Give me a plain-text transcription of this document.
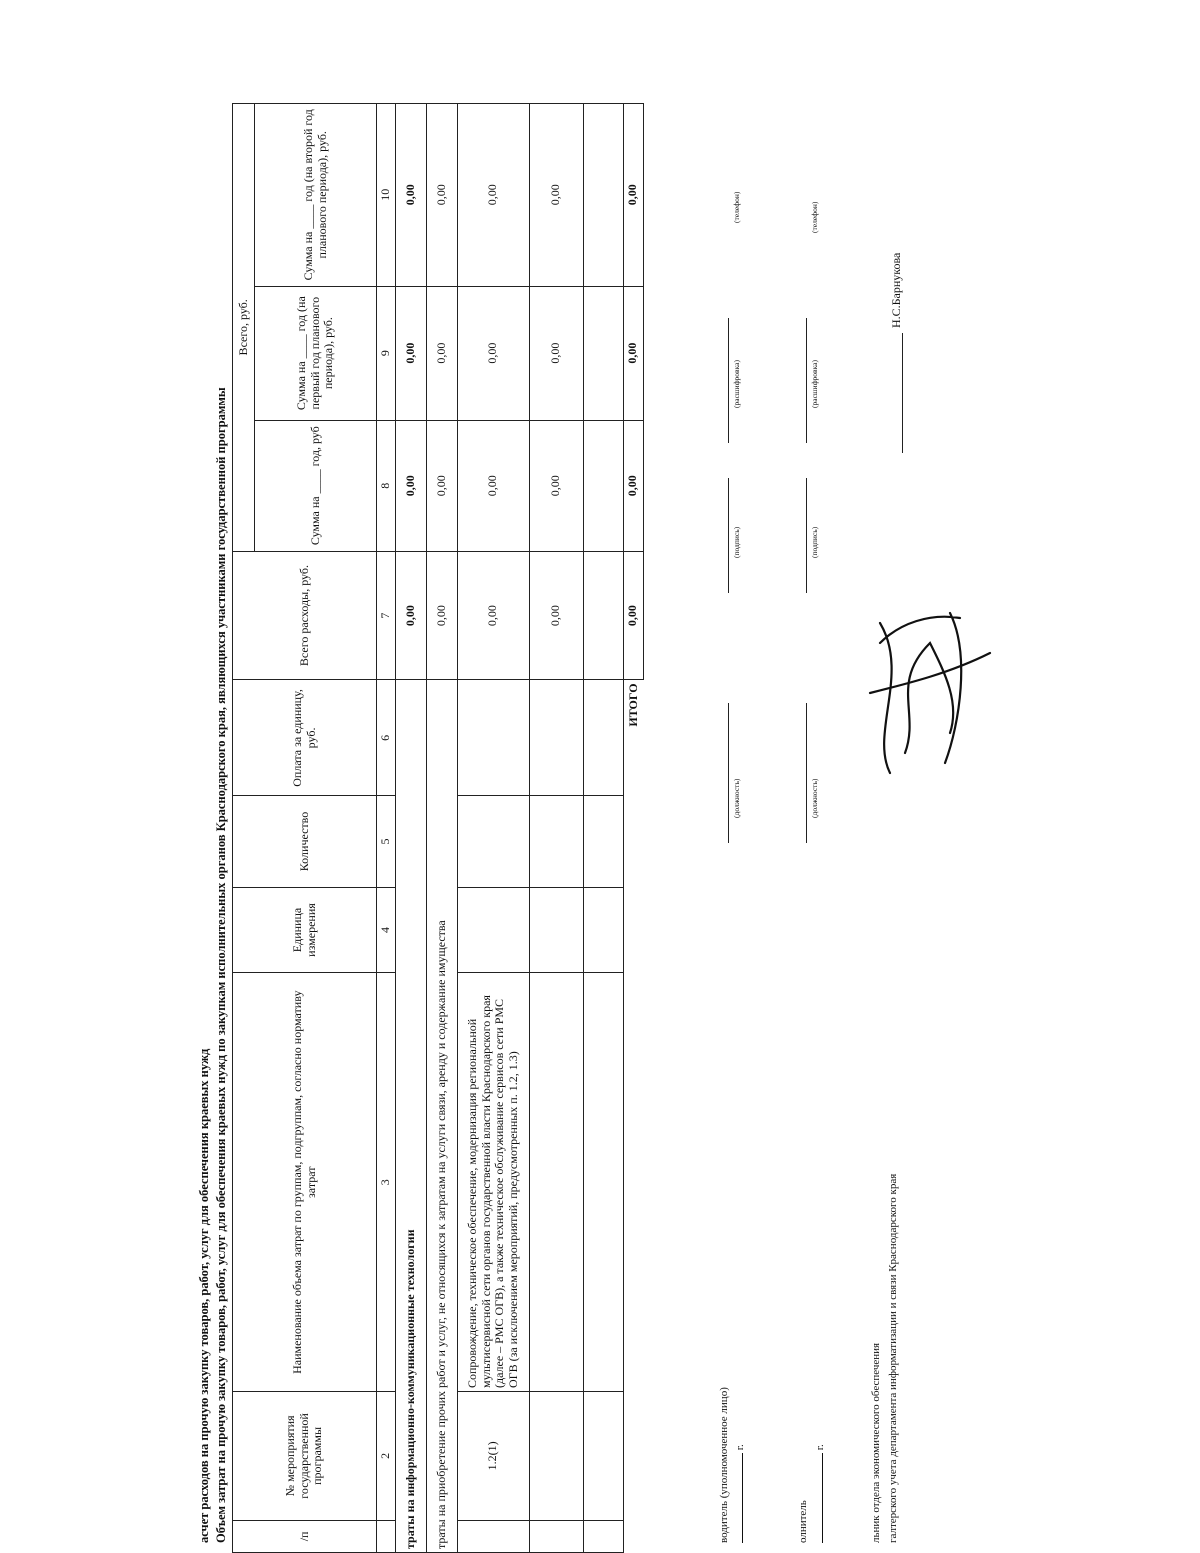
асчет расходов на прочую закупку товаров, работ, услуг для обеспечения краевых нужд Объем затрат на прочую закупку товаров, работ, услуг для обеспечения краевых нужд по закупкам исполнительных органов Краснодарского края, являющихся участниками государственной программы	/п	№ мероприятия государственной программы	Наименование объема затрат по группам, подгруппам, согласно нормативу затрат	Единица измерения	Количество	Оплата за единицу, руб.	Всего расходы, руб.	Всего, руб.		
							Сумма на ____ год, руб	Сумма на ____ год (на первый год планового периода), руб.	Сумма на ____ год (на второй год планового периода), руб.
	2	3	4	5	6	7	8	9	10
траты на информационно-коммуникационные технологии						0,00	0,00	0,00	0,00
траты на приобретение прочих работ и услуг, не относящихся к затратам на услуги связи, аренду и содержание имущества						0,00	0,00	0,00	0,00
	1.2(1)	Сопровождение, техническое обеспечение, модернизация региональной мультисервисной сети органов государственной власти Краснодарского края (далее – РМС ОГВ), а также техническое обслуживание сервисов сети РМС ОГВ (за исключением мероприятий, предусмотренных п. 1.2, 1.3)				0,00	0,00	0,00	0,00
						0,00	0,00	0,00	0,00

ИТОГО						0,00	0,00	0,00	0,00
водитель (уполномоченное лицо) г.
(должность)
(подпись)
(расшифровка)
(телефон)
олнитель
г.
(должность)
(подпись)
(расшифровка)
(телефон)
льник отдела экономического обеспечения галтерского учета департамента информатизации и связи Краснодарского края
Н.С.Барнукова
